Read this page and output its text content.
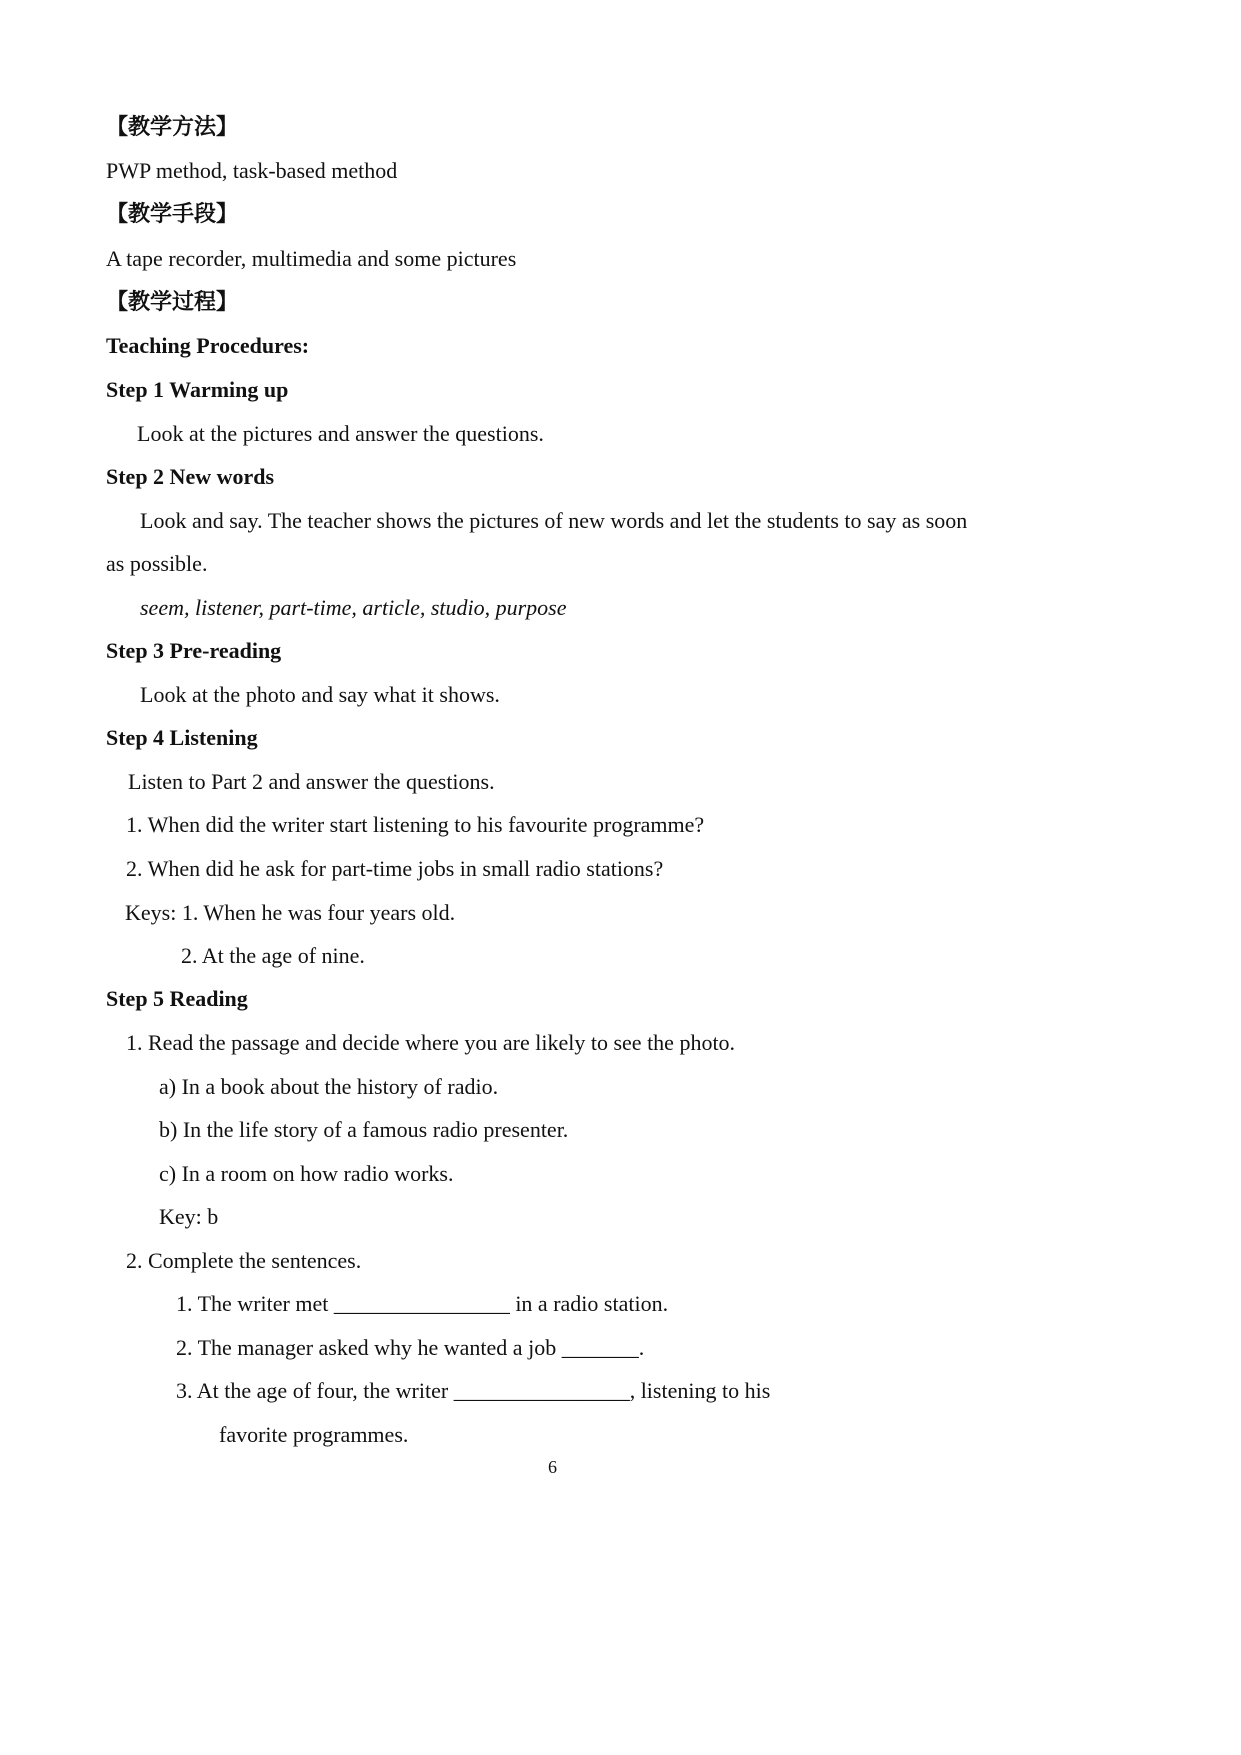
【教学方法】
PWP method, task-based method
【教学手段】
A tape recorder, multimedia and some pictures
【教学过程】
Teaching Procedures:
Step 1 Warming up
Look at the pictures and answer the questions.
Step 2 New words
Look and say. The teacher shows the pictures of new words and let the students to say as soon
as possible.
seem, listener, part-time, article, studio, purpose
Step 3 Pre-reading
Look at the photo and say what it shows.
Step 4 Listening
Listen to Part 2 and answer the questions.
1. When did the writer start listening to his favourite programme?
2. When did he ask for part-time jobs in small radio stations?
Keys: 1. When he was four years old.
2. At the age of nine.
Step 5 Reading
1. Read the passage and decide where you are likely to see the photo.
a) In a book about the history of radio.
b) In the life story of a famous radio presenter.
c) In a room on how radio works.
Key: b
2. Complete the sentences.
1. The writer met ________________ in a radio station.
2. The manager asked why he wanted a job _______.
3. At the age of four, the writer ________________, listening to his
favorite programmes.
6
